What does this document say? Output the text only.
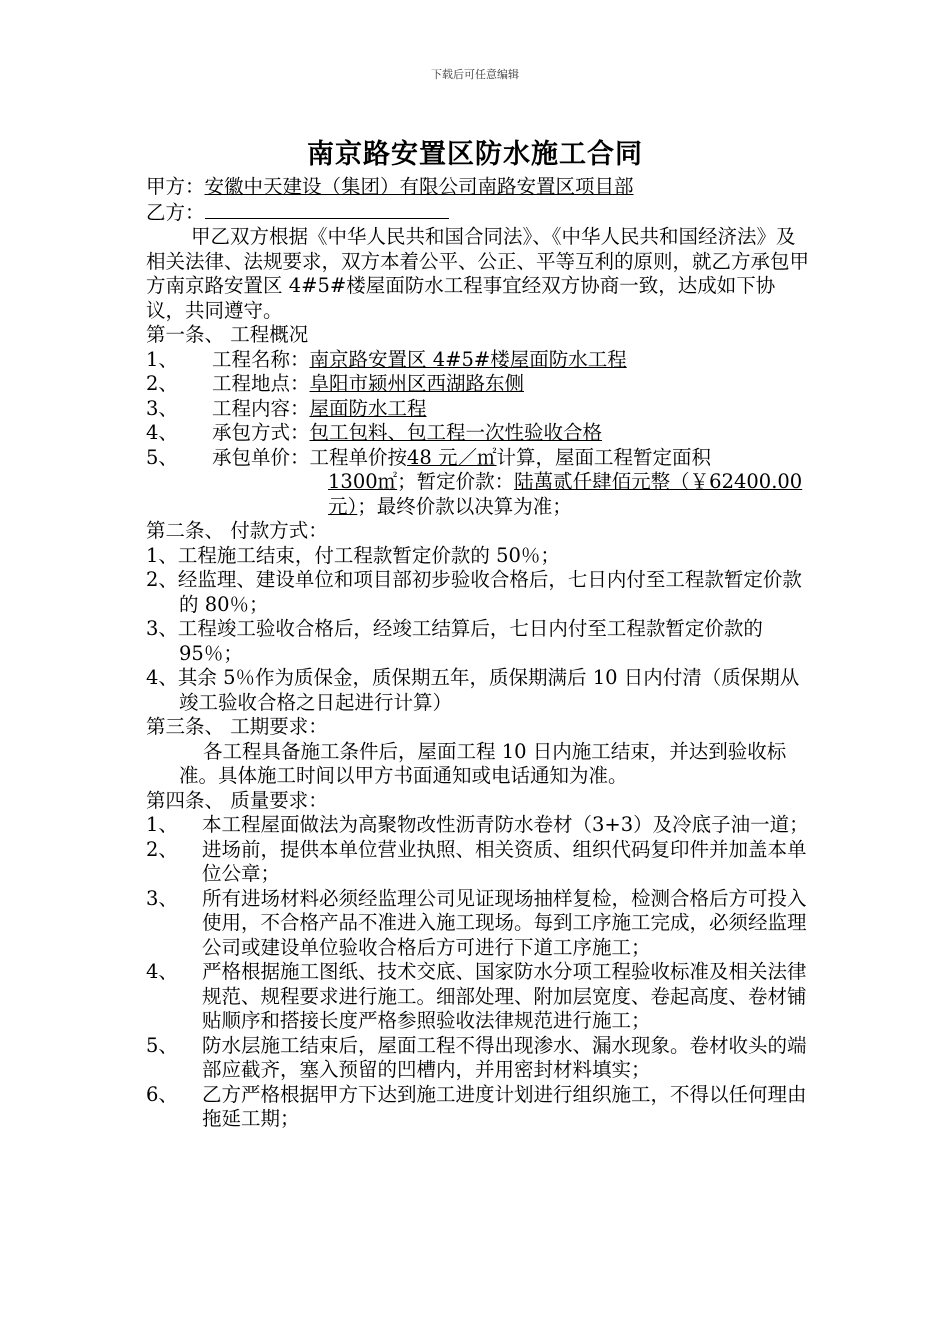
下载后可任意编辑
南京路安置区防水施工合同
甲方：安徽中天建设（集团）有限公司南路安置区项目部
乙方：
甲乙双方根据《中华人民共和国合同法》、《中华人民共和国经济法》及相关法律、法规要求，双方本着公平、公正、平等互利的原则，就乙方承包甲方南京路安置区 4#5#楼屋面防水工程事宜经双方协商一致，达成如下协议，共同遵守。
第一条、 工程概况
1、	工程名称： 南京路安置区 4#5#楼屋面防水工程
2、	工程地点： 阜阳市颍州区西湖路东侧
3、	工程内容： 屋面防水工程
4、	承包方式： 包工包料、包工程一次性验收合格
5、	承包单价：工程单价按 48 元／㎡ 计算，屋面工程暂定面积
1300㎡；暂定价款：陆萬贰仟肆佰元整（￥62400.00 元）；最终价款以决算为准；
第二条、 付款方式：
1、工程施工结束，付工程款暂定价款的 50％；
2、经监理、建设单位和项目部初步验收合格后，七日内付至工程款暂定价款的 80％；
3、工程竣工验收合格后，经竣工结算后，七日内付至工程款暂定价款的 95％；
4、其余 5％作为质保金，质保期五年，质保期满后 10 日内付清（质保期从竣工验收合格之日起进行计算）
第三条、 工期要求：
各工程具备施工条件后，屋面工程 10 日内施工结束，并达到验收标准。具体施工时间以甲方书面通知或电话通知为准。
第四条、 质量要求：
1、	本工程屋面做法为高聚物改性沥青防水卷材（3+3）及冷底子油一道；
2、	进场前，提供本单位营业执照、相关资质、组织代码复印件并加盖本单位公章；
3、	所有进场材料必须经监理公司见证现场抽样复检，检测合格后方可投入使用，不合格产品不准进入施工现场。每到工序施工完成，必须经监理公司或建设单位验收合格后方可进行下道工序施工；
4、	严格根据施工图纸、技术交底、国家防水分项工程验收标准及相关法律规范、规程要求进行施工。细部处理、附加层宽度、卷起高度、卷材铺贴顺序和搭接长度严格参照验收法律规范进行施工；
5、	防水层施工结束后，屋面工程不得出现渗水、漏水现象。卷材收头的端部应截齐，塞入预留的凹槽内，并用密封材料填实；
6、	乙方严格根据甲方下达到施工进度计划进行组织施工，不得以任何理由拖延工期；
